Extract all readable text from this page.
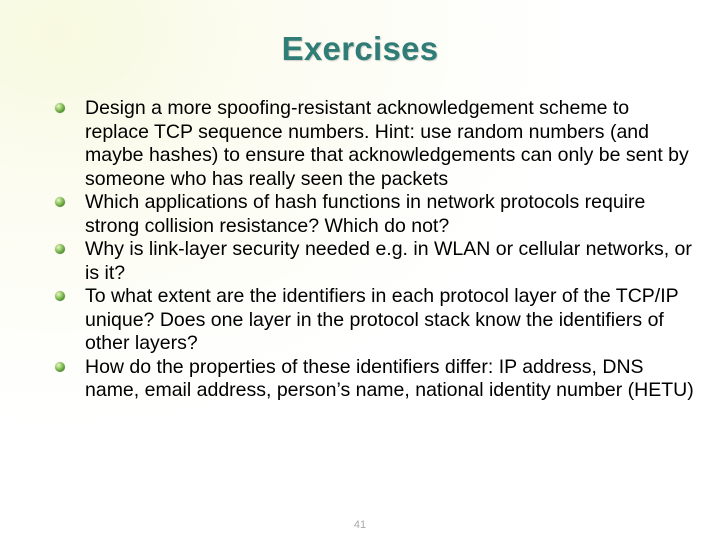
Exercises
Design a more spoofing-resistant acknowledgement scheme to replace TCP sequence numbers. Hint: use random numbers (and maybe hashes) to ensure that acknowledgements can only be sent by someone who has really seen the packets
Which applications of hash functions in network protocols require strong collision resistance? Which do not?
Why is link-layer security needed e.g. in WLAN or cellular networks, or is it?
To what extent are the identifiers in each protocol layer of the TCP/IP unique? Does one layer in the protocol stack know the identifiers of other layers?
How do the properties of these identifiers differ: IP address, DNS name, email address, person’s name, national identity number (HETU)
41
